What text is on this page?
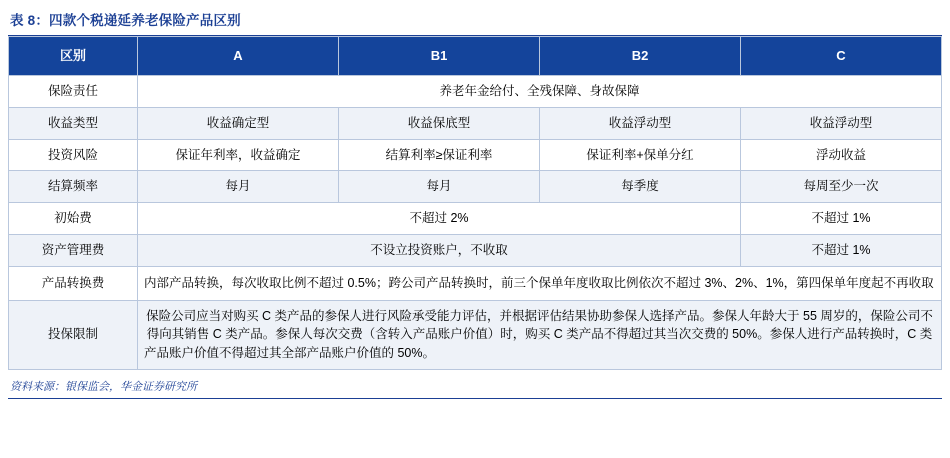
表 8：四款个税递延养老保险产品区别
区别	A	B1	B2	C
保险责任	养老年金给付、全残保障、身故保障			
收益类型	收益确定型	收益保底型	收益浮动型	收益浮动型
投资风险	保证年利率，收益确定	结算利率≥保证利率	保证利率+保单分红	浮动收益
结算频率	每月	每月	每季度	每周至少一次
初始费	不超过 2%			不超过 1%
资产管理费	不设立投资账户，不收取			不超过 1%
产品转换费	内部产品转换，每次收取比例不超过 0.5%；跨公司产品转换时，前三个保单年度收取比例依次不超过 3%、2%、1%，第四保单年度起不再收取			
投保限制	保险公司应当对购买 C 类产品的参保人进行风险承受能力评估，并根据评估结果协助参保人选择产品。参保人年龄大于 55 周岁的，保险公司不得向其销售 C 类产品。参保人每次交费（含转入产品账户价值）时，购买 C 类产品不得超过其当次交费的 50%。参保人进行产品转换时，C 类产品账户价值不得超过其全部产品账户价值的 50%。			
资料来源：银保监会，华金证券研究所
